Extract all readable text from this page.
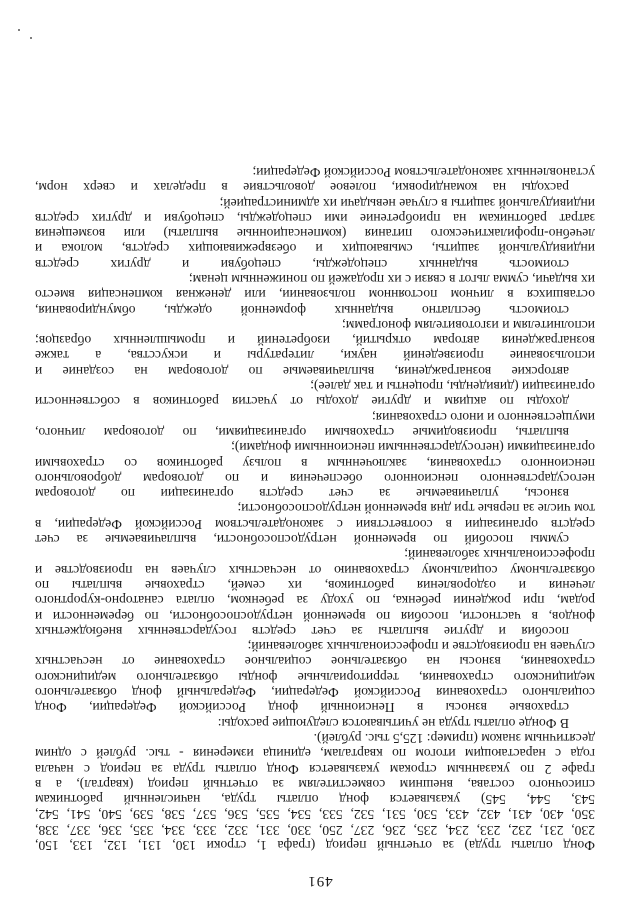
491
Фонд оплаты труда) за отчетный период (графа 1, строки 130, 131, 132, 133, 150,
230, 231, 232, 233, 234, 235, 236, 237, 250, 330, 331, 332, 333, 334, 335, 336, 337, 338,
350, 430, 431, 432, 433, 530, 531, 532, 533, 534, 535, 536, 537, 538, 539, 540, 541, 542,
543, 544, 545) указывается фонд оплаты труда, начисленный работникам
списочного состава, внешним совместителям за отчетный период (квартал), а в
графе 2 по указанным строкам указывается Фонд оплаты труда за период с начала
года с нарастающим итогом по кварталам, единица измерения - тыс. рублей с одним
десятичным знаком (пример: 125,5 тыс. рублей).
В Фонде оплаты труда не учитываются следующие расходы:
страховые взносы в Пенсионный фонд Российской Федерации, Фонд
социального страхования Российской Федерации, Федеральный фонд обязательного
медицинского страхования, территориальные фонды обязательного медицинского
страхования, взносы на обязательное социальное страхование от несчастных
случаев на производстве и профессиональных заболеваний;
пособия и другие выплаты за счет средств государственных внебюджетных
фондов, в частности, пособия по временной нетрудоспособности, по беременности и
родам, при рождении ребенка, по уходу за ребенком, оплата санаторно-курортного
лечения и оздоровления работников, их семей, страховые выплаты по
обязательному социальному страхованию от несчастных случаев на производстве и
профессиональных заболеваний;
суммы пособий по временной нетрудоспособности, выплачиваемые за счет
средств организации в соответствии с законодательством Российской Федерации, в
том числе за первые три дня временной нетрудоспособности;
взносы, уплачиваемые за счет средств организации по договорам
негосударственного пенсионного обеспечения и по договорам добровольного
пенсионного страхования, заключенным в пользу работников со страховыми
организациями (негосударственными пенсионными фондами);
выплаты, производимые страховыми организациями, по договорам личного,
имущественного и иного страхования;
доходы по акциям и другие доходы от участия работников в собственности
организации (дивиденды, проценты и так далее);
авторские вознаграждения, выплачиваемые по договорам на создание и
использование произведений науки, литературы и искусства, а также
вознаграждения авторам открытий, изобретений и промышленных образцов;
исполнителям и изготовителям фонограмм;
стоимость бесплатно выданных форменной одежды, обмундирования,
оставшихся в личном постоянном пользовании, или денежная компенсация вместо
их выдачи, сумма льгот в связи с их продажей по пониженным ценам;
стоимость выданных спецодежды, спецобуви и других средств
индивидуальной защиты, смывающих и обезвреживающих средств, молока и
лечебно-профилактического питания (компенсационные выплаты) или возмещения
затрат работникам на приобретение ими спецодежды, спецобуви и других средств
индивидуальной защиты в случае невыдачи их администрацией;
расходы на командировки, полевое довольствие в пределах и сверх норм,
установленных законодательством Российской Федерации;
